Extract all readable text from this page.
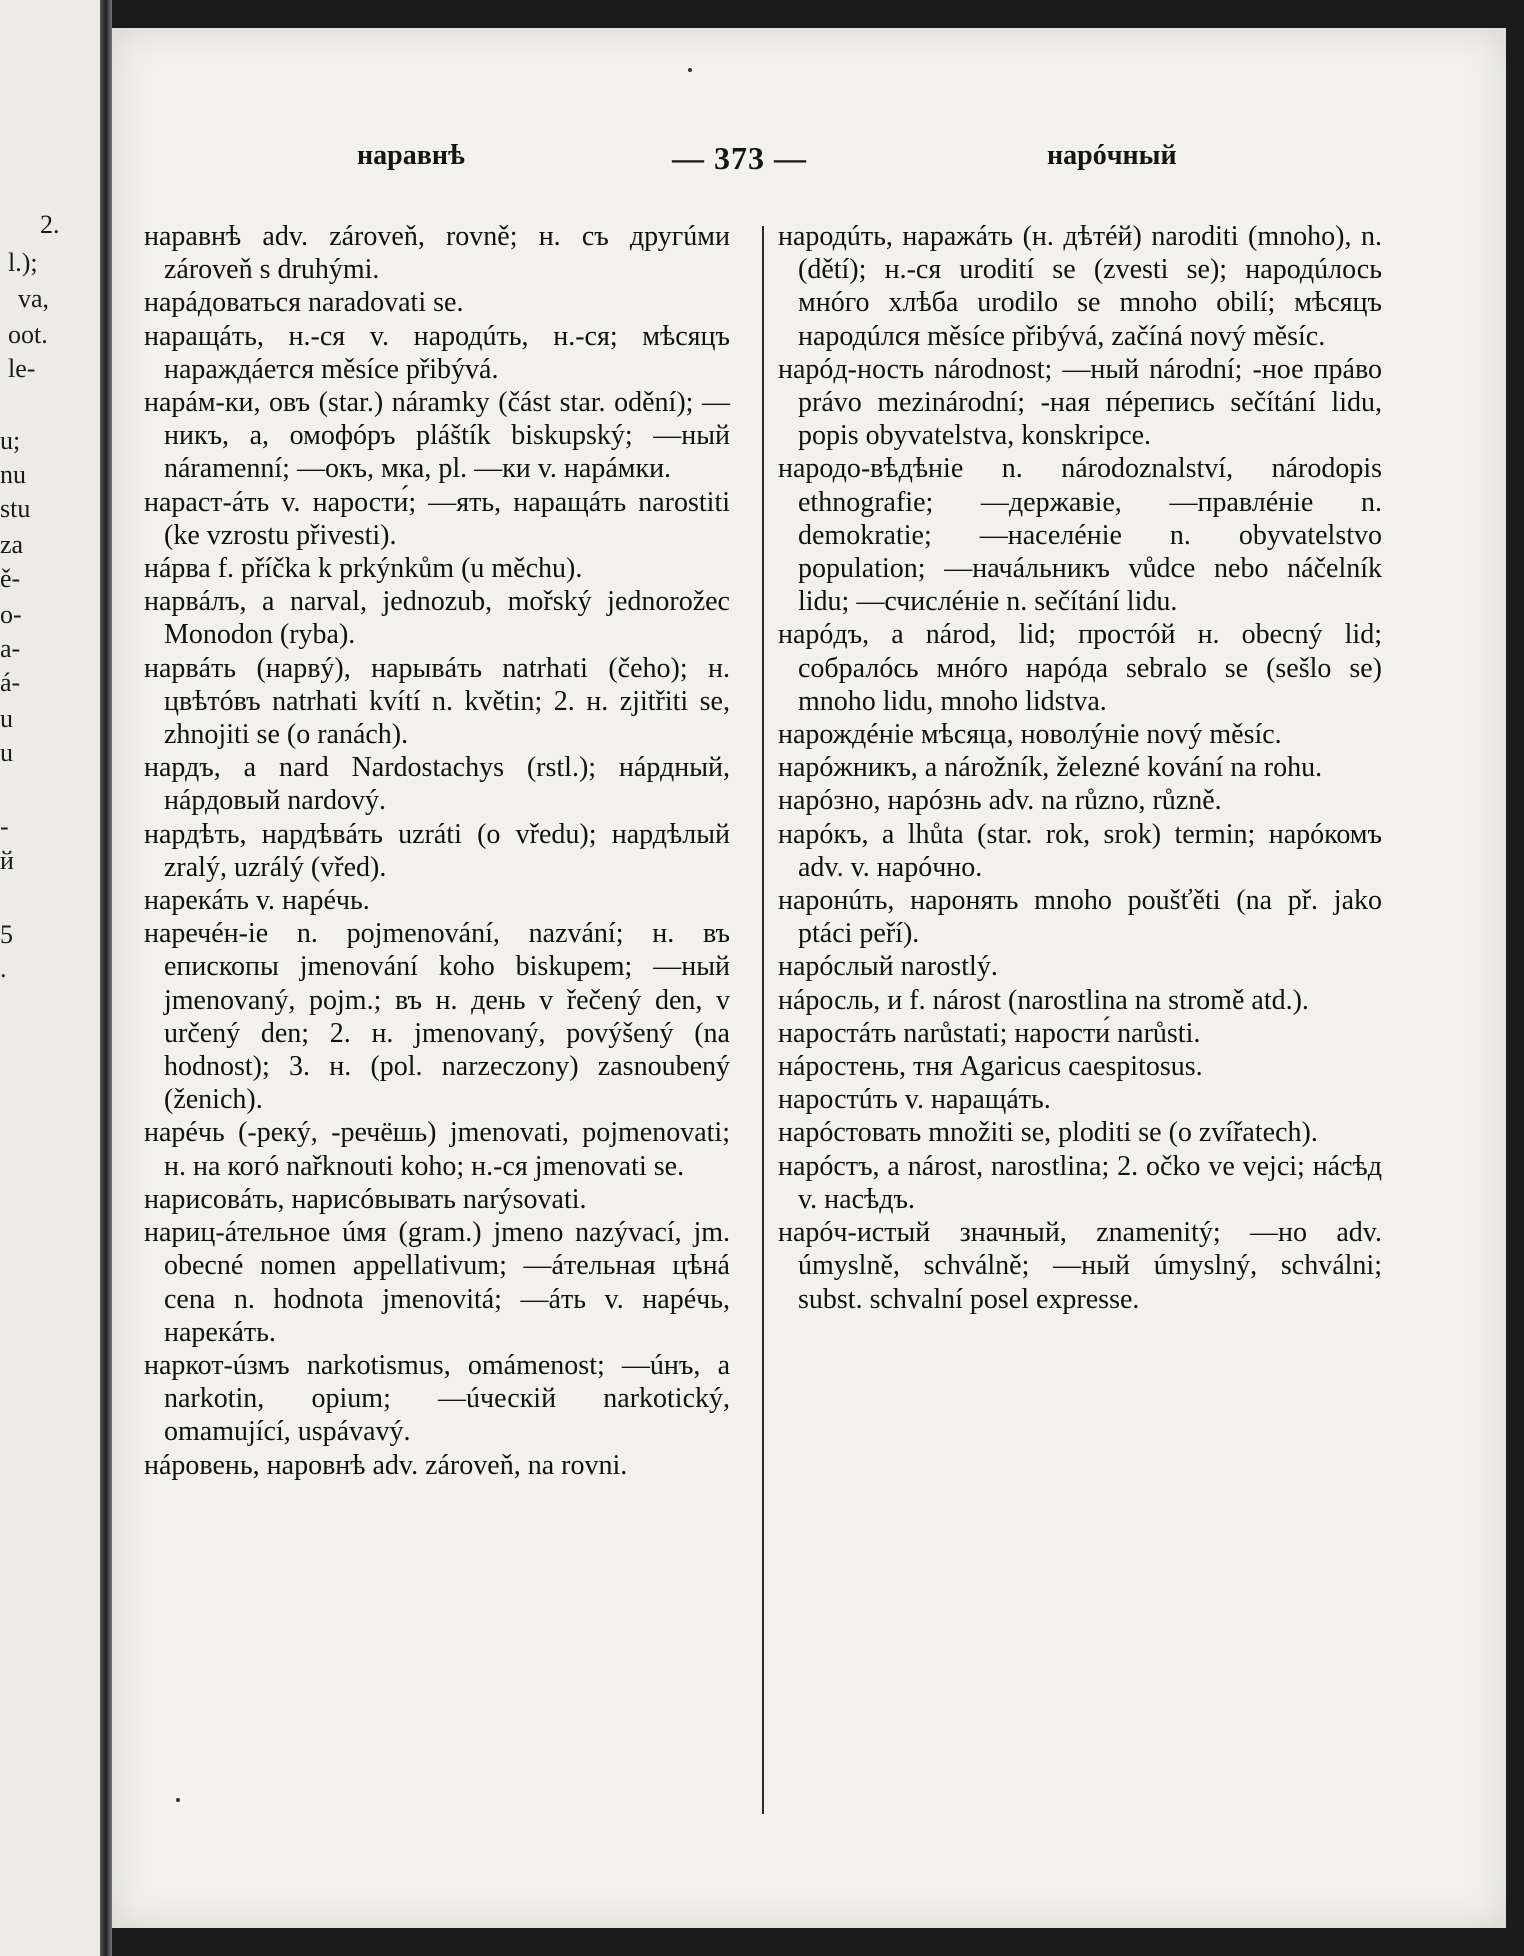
2.
l.);
va,
oot.
le-
u;
nu
stu
za
ě-
o-
a-
á-
u
u
-
й
5
.
наравнѣ	— 373 —	нарóчный

наравнѣ adv. zároveň, rovně; н. съ другúми zároveň s druhými.

нарáдоваться naradovati se.

наращáть, н.-ся v. народúть, н.-ся; мѣсяцъ нарaждáется měsíce přibývá.

нарáм-ки, овъ (star.) náramky (část star. odění); —никъ, а, омофóръ pláštík biskupský; —ный náramenní; —окъ, мка, pl. —ки v. нарáмки.

нараст-áть v. нарости́; —ять, наращáть narostiti (ke vzrostu přivesti).

нáрва f. příčka k prkýnkům (u měchu).

нарвáлъ, а narval, jednozub, mořský jednorožec Monodon (ryba).

нарвáть (нарвý), нарывáть natrhati (čeho); н. цвѣтóвъ natrhati kvítí n. květin; 2. н. zjitřiti se, zhnojiti se (o ranách).

нардъ, а nard Nardostachys (rstl.); нáрдный, нáрдовый nardový.

нардѣть, нардѣвáть uzráti (o vředu); нардѣлый zralý, uzrálý (vřed).

нарекáть v. нарéчь.

наречéн-іе n. pojmenování, nazvání; н. въ епископы jmenování koho biskupem; —ный jmenovaný, pojm.; въ н. день v řečený den, v určený den; 2. н. jmenovaný, povýšený (na hodnost); 3. н. (pol. narzeczony) zasnoubený (ženich).

нарéчь (-рекý, -речёшь) jmenovati, pojmenovati; н. на когó nařknouti koho; н.-ся jmenovati se.

нарисовáть, нарисóвывать narýsovati.

нариц-áтельное úмя (gram.) jmeno nazývací, jm. obecné nomen appellativum; —áтельная цѣнá cena n. hodnota jmenovitá; —áть v. нарéчь, нарекáть.

наркот-úзмъ narkotismus, omámenost; —úнъ, а narkotin, opium; —úческій narkotický, omamující, uspávavý.

нáровень, наровнѣ adv. zároveň, na rovni.

народúть, наражáть (н. дѣтéй) naroditi (mnoho), n. (dětí); н.-ся urodití se (zvesti se); народúлось мнóго хлѣба urodilo se mnoho obilí; мѣсяцъ народúлся měsíce přibývá, začíná nový měsíc.

нарóд-ность národnost; —ный národní; -ное прáво právo mezinárodní; -ная пéрепись sečítání lidu, popis obyvatelstva, konskripce.

народо-вѣдѣніе n. národoznalství, národopis ethnografie; —державіе, —правлéніе n. demokratie; —населéніе n. obyvatelstvo population; —начáльникъ vůdce nebo náčelník lidu; —счислéніе n. sečítání lidu.

нарóдъ, а národ, lid; простóй н. obecný lid; собралóсь мнóго нарóда sebralo se (sešlo se) mnoho lidu, mnoho lidstva.

нарождéніе мѣсяца, новолýніе nový měsíc.

нарóжникъ, а nárožník, železné kování na rohu.

нарóзно, нарóзнь adv. na různo, různě.

нарóкъ, а lhůta (star. rok, srok) termin; нарóкомъ adv. v. нарóчно.

наронúть, наронять mnoho poušťěti (na př. jako ptáci peří).

нарóслый narostlý.

нáросль, и f. nárost (narostlina na stromě atd.).

наростáть narůstati; нарости́ narůsti.

нáростень, тня Agaricus caespitosus.

наростúть v. наращáть.

нарóстовать množiti se, ploditi se (o zvířatech).

нарóстъ, а nárost, narostlina; 2. očko ve vejci; нáсѣд v. насѣдъ.

нарóч-истый значный, znamenitý; —но adv. úmyslně, schválně; —ный úmyslný, schválni; subst. schvalní posel expresse.
